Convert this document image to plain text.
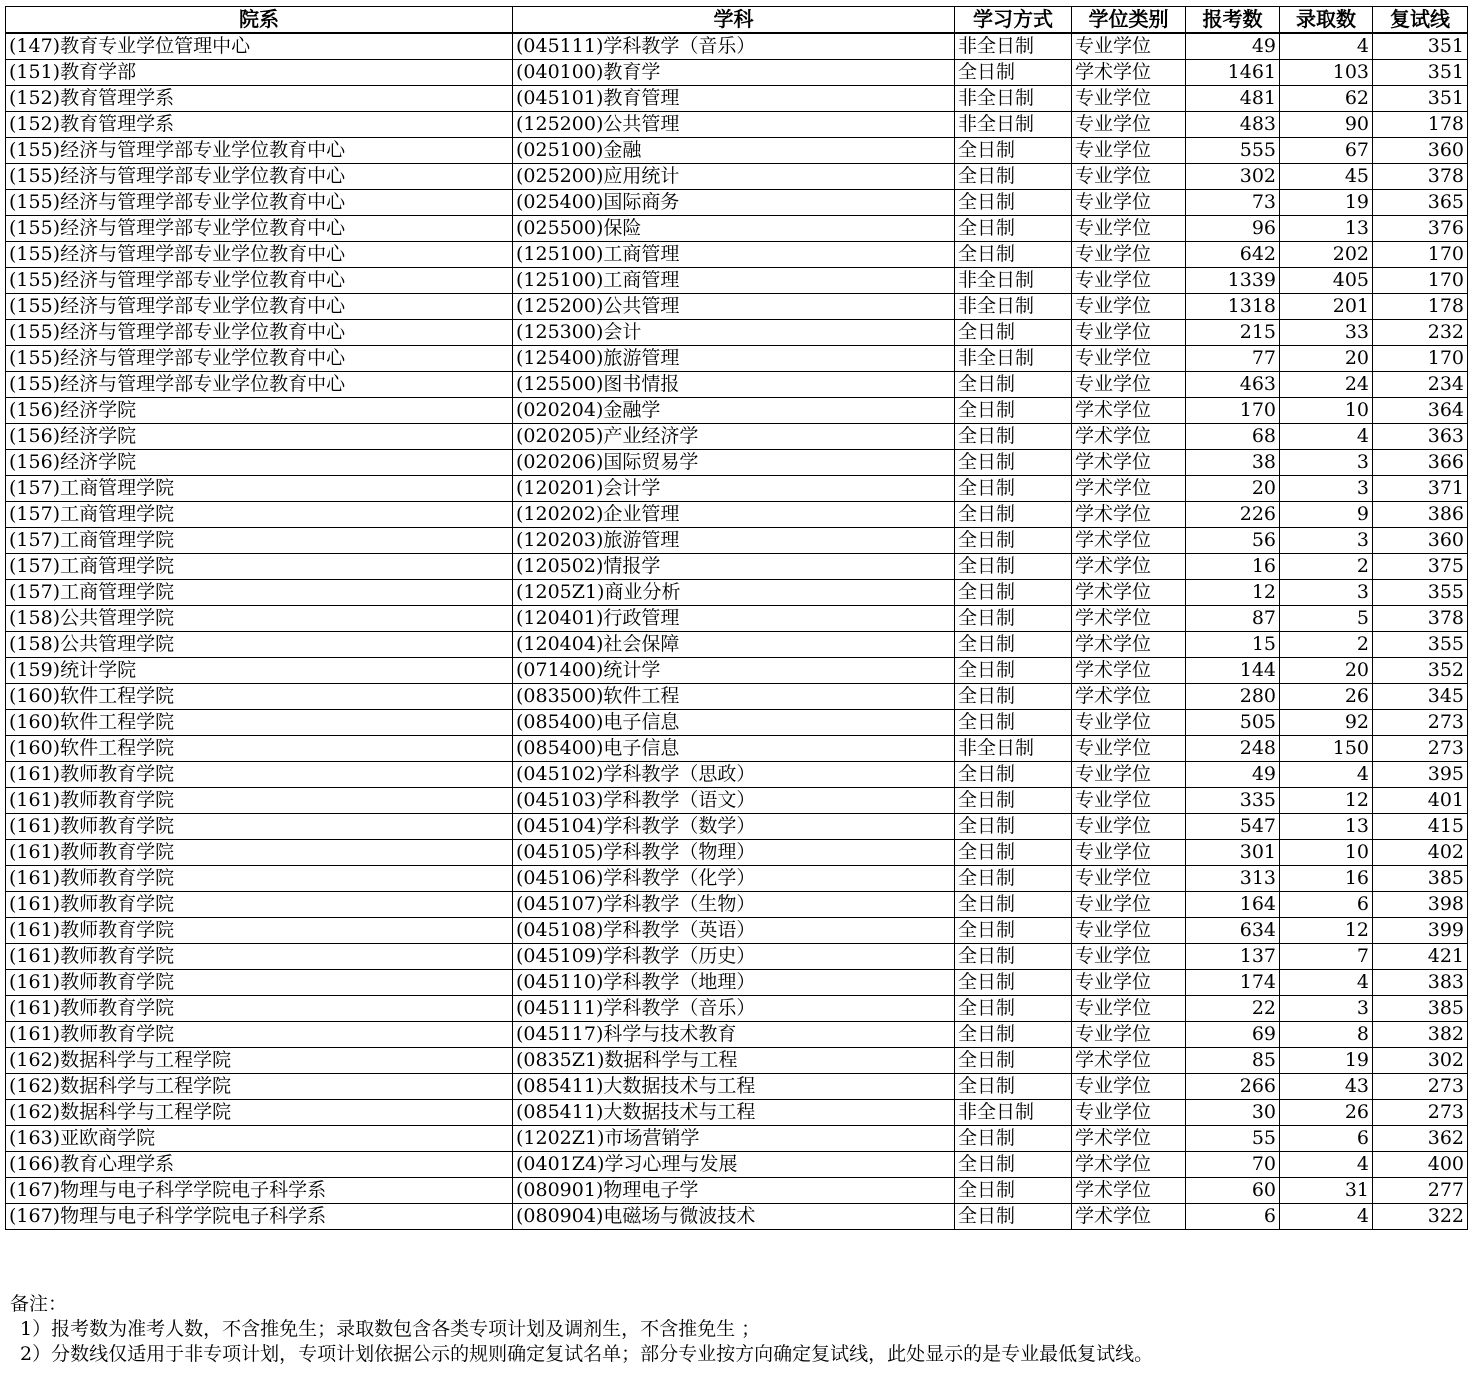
院系	学科	学习方式	学位类别	报考数	录取数	复试线
(147)教育专业学位管理中心	(045111)学科教学（音乐）	非全日制	专业学位	49	4	351
(151)教育学部	(040100)教育学	全日制	学术学位	1461	103	351
(152)教育管理学系	(045101)教育管理	非全日制	专业学位	481	62	351
(152)教育管理学系	(125200)公共管理	非全日制	专业学位	483	90	178
(155)经济与管理学部专业学位教育中心	(025100)金融	全日制	专业学位	555	67	360
(155)经济与管理学部专业学位教育中心	(025200)应用统计	全日制	专业学位	302	45	378
(155)经济与管理学部专业学位教育中心	(025400)国际商务	全日制	专业学位	73	19	365
(155)经济与管理学部专业学位教育中心	(025500)保险	全日制	专业学位	96	13	376
(155)经济与管理学部专业学位教育中心	(125100)工商管理	全日制	专业学位	642	202	170
(155)经济与管理学部专业学位教育中心	(125100)工商管理	非全日制	专业学位	1339	405	170
(155)经济与管理学部专业学位教育中心	(125200)公共管理	非全日制	专业学位	1318	201	178
(155)经济与管理学部专业学位教育中心	(125300)会计	全日制	专业学位	215	33	232
(155)经济与管理学部专业学位教育中心	(125400)旅游管理	非全日制	专业学位	77	20	170
(155)经济与管理学部专业学位教育中心	(125500)图书情报	全日制	专业学位	463	24	234
(156)经济学院	(020204)金融学	全日制	学术学位	170	10	364
(156)经济学院	(020205)产业经济学	全日制	学术学位	68	4	363
(156)经济学院	(020206)国际贸易学	全日制	学术学位	38	3	366
(157)工商管理学院	(120201)会计学	全日制	学术学位	20	3	371
(157)工商管理学院	(120202)企业管理	全日制	学术学位	226	9	386
(157)工商管理学院	(120203)旅游管理	全日制	学术学位	56	3	360
(157)工商管理学院	(120502)情报学	全日制	学术学位	16	2	375
(157)工商管理学院	(1205Z1)商业分析	全日制	学术学位	12	3	355
(158)公共管理学院	(120401)行政管理	全日制	学术学位	87	5	378
(158)公共管理学院	(120404)社会保障	全日制	学术学位	15	2	355
(159)统计学院	(071400)统计学	全日制	学术学位	144	20	352
(160)软件工程学院	(083500)软件工程	全日制	学术学位	280	26	345
(160)软件工程学院	(085400)电子信息	全日制	专业学位	505	92	273
(160)软件工程学院	(085400)电子信息	非全日制	专业学位	248	150	273
(161)教师教育学院	(045102)学科教学（思政）	全日制	专业学位	49	4	395
(161)教师教育学院	(045103)学科教学（语文）	全日制	专业学位	335	12	401
(161)教师教育学院	(045104)学科教学（数学）	全日制	专业学位	547	13	415
(161)教师教育学院	(045105)学科教学（物理）	全日制	专业学位	301	10	402
(161)教师教育学院	(045106)学科教学（化学）	全日制	专业学位	313	16	385
(161)教师教育学院	(045107)学科教学（生物）	全日制	专业学位	164	6	398
(161)教师教育学院	(045108)学科教学（英语）	全日制	专业学位	634	12	399
(161)教师教育学院	(045109)学科教学（历史）	全日制	专业学位	137	7	421
(161)教师教育学院	(045110)学科教学（地理）	全日制	专业学位	174	4	383
(161)教师教育学院	(045111)学科教学（音乐）	全日制	专业学位	22	3	385
(161)教师教育学院	(045117)科学与技术教育	全日制	专业学位	69	8	382
(162)数据科学与工程学院	(0835Z1)数据科学与工程	全日制	学术学位	85	19	302
(162)数据科学与工程学院	(085411)大数据技术与工程	全日制	专业学位	266	43	273
(162)数据科学与工程学院	(085411)大数据技术与工程	非全日制	专业学位	30	26	273
(163)亚欧商学院	(1202Z1)市场营销学	全日制	学术学位	55	6	362
(166)教育心理学系	(0401Z4)学习心理与发展	全日制	学术学位	70	4	400
(167)物理与电子科学学院电子科学系	(080901)物理电子学	全日制	学术学位	60	31	277
(167)物理与电子科学学院电子科学系	(080904)电磁场与微波技术	全日制	学术学位	6	4	322
备注：
1）报考数为准考人数，不含推免生；录取数包含各类专项计划及调剂生，不含推免生 ；
2）分数线仅适用于非专项计划，专项计划依据公示的规则确定复试名单；部分专业按方向确定复试线，此处显示的是专业最低复试线。
